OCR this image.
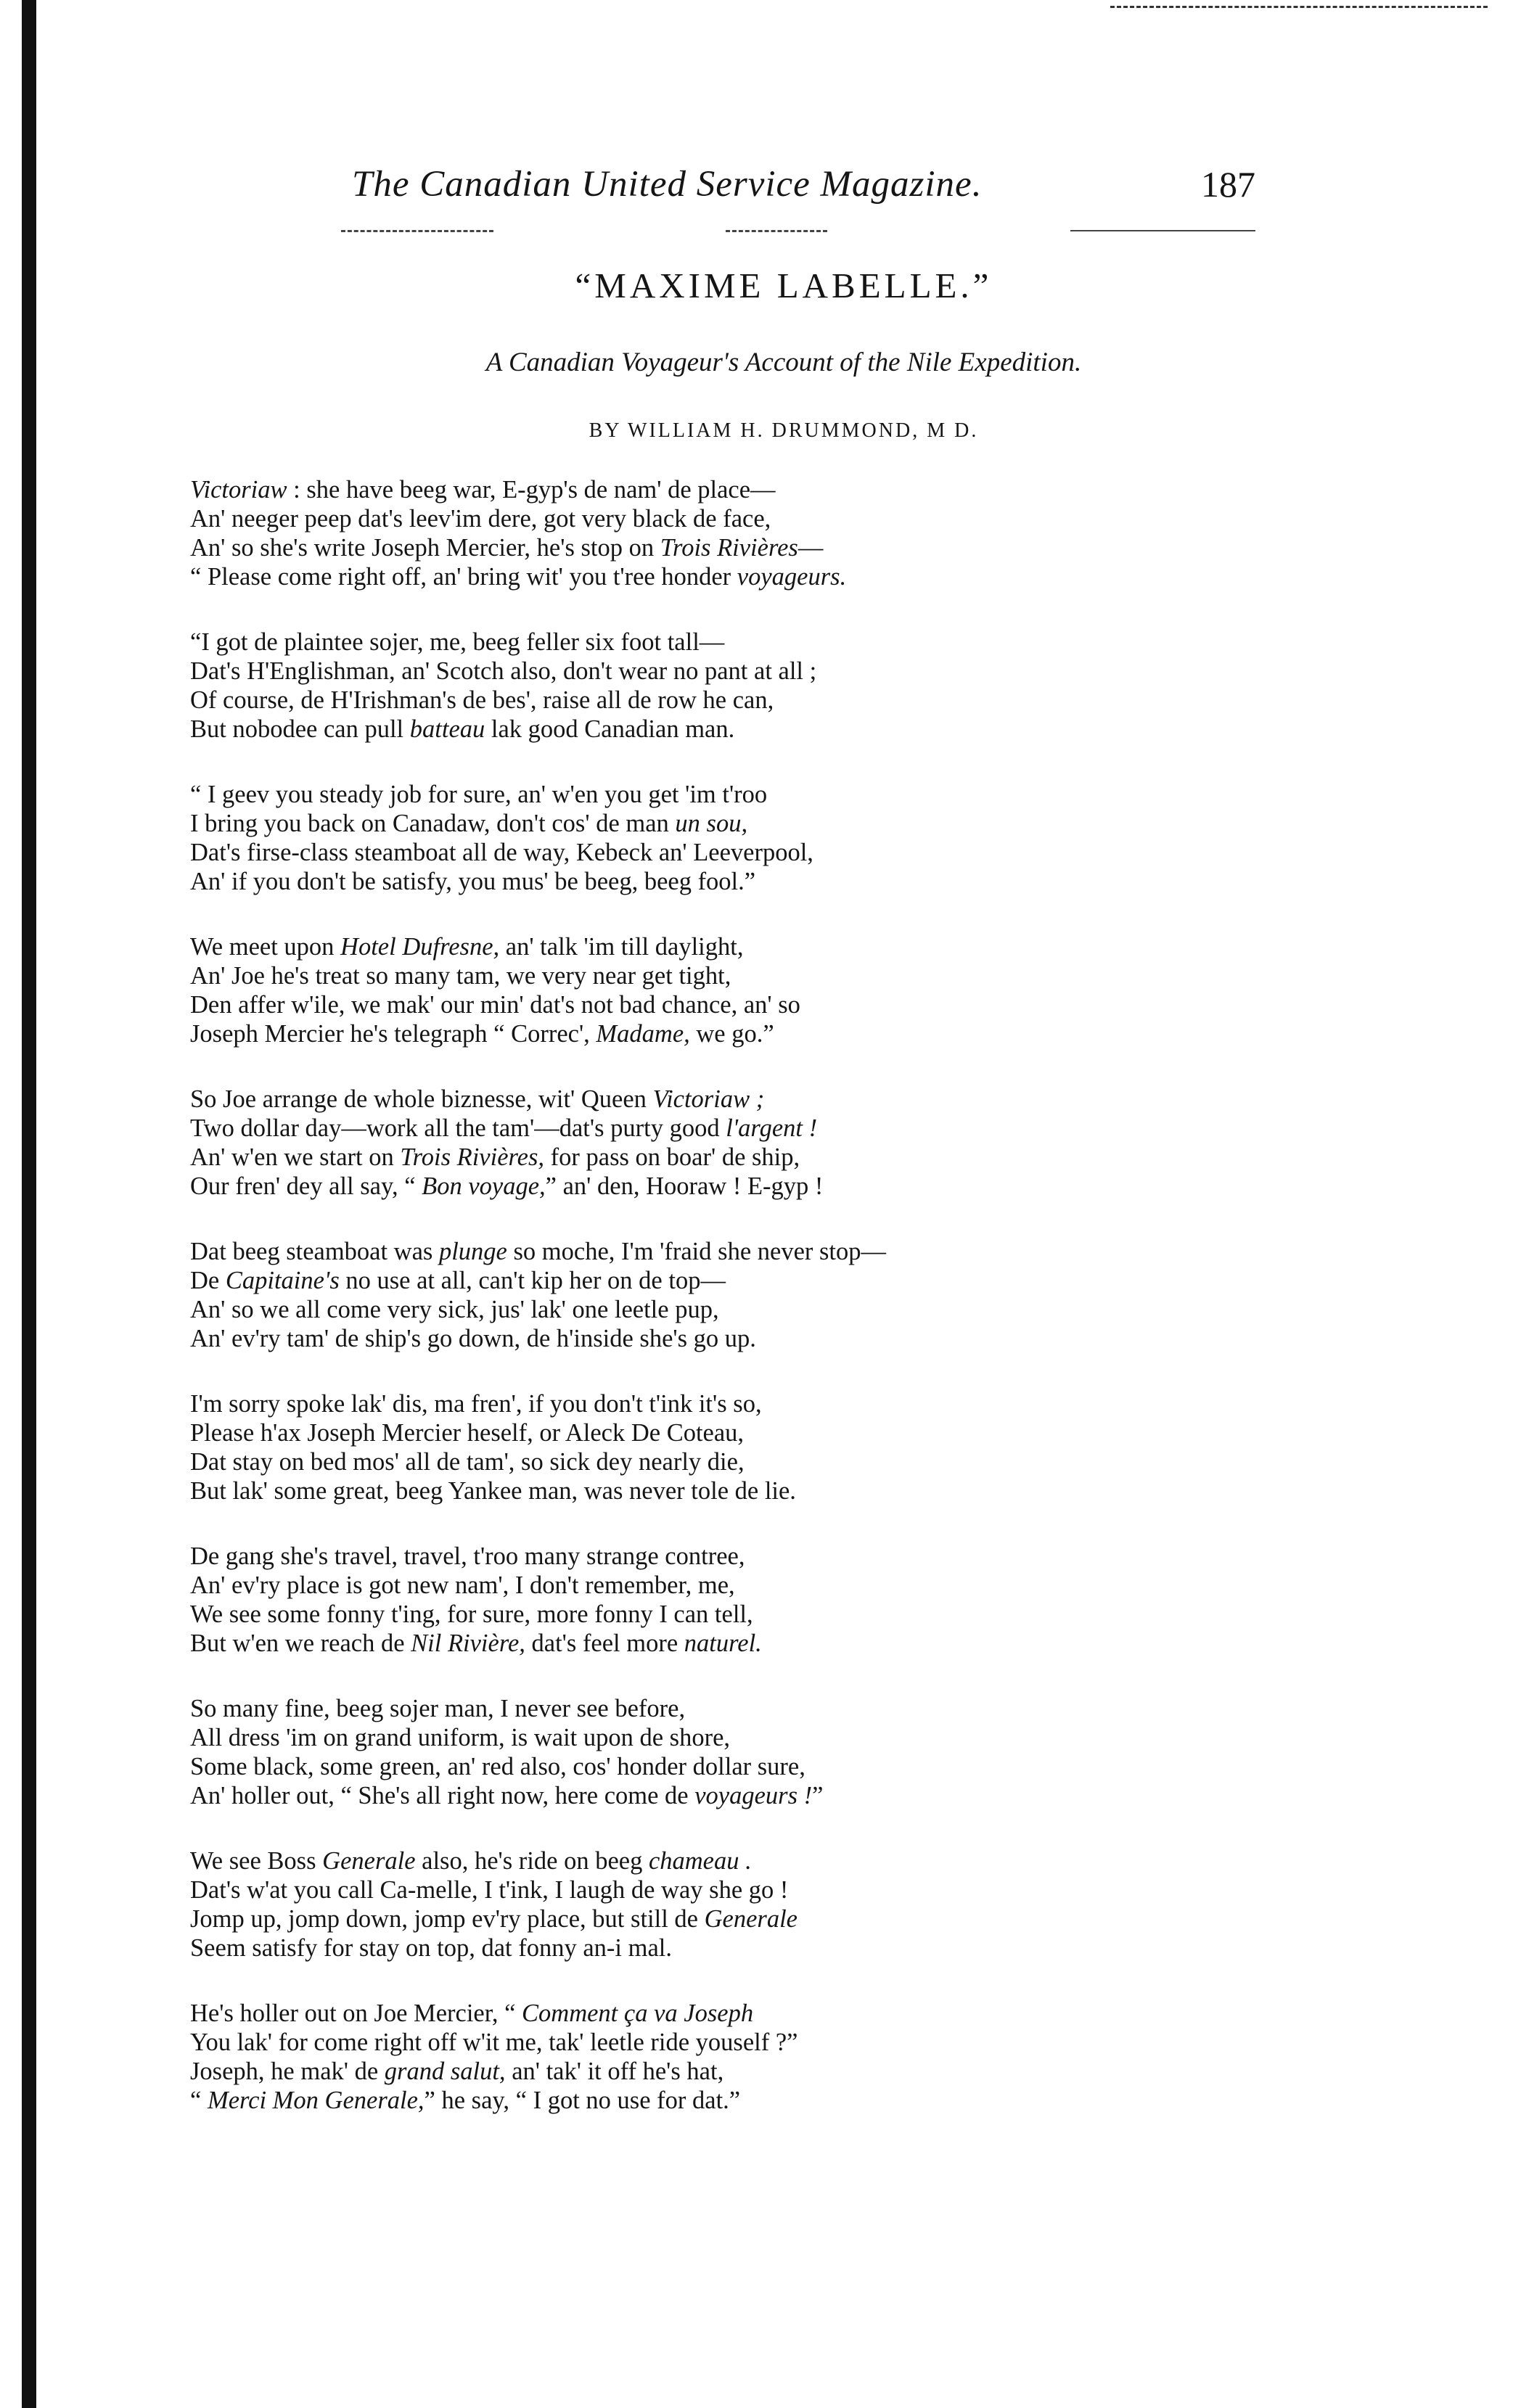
The Canadian United Service Magazine.	187
“MAXIME LABELLE.”
A Canadian Voyageur's Account of the Nile Expedition.
BY WILLIAM H. DRUMMOND, M D.
Victoriaw : she have beeg war, E-gyp's de nam' de place—
An' neeger peep dat's leev'im dere, got very black de face,
An' so she's write Joseph Mercier, he's stop on Trois Rivières—
“ Please come right off, an' bring wit' you t'ree honder voyageurs.
“I got de plaintee sojer, me, beeg feller six foot tall—
Dat's H'Englishman, an' Scotch also, don't wear no pant at all ;
Of course, de H'Irishman's de bes', raise all de row he can,
But nobodee can pull batteau lak good Canadian man.
“ I geev you steady job for sure, an' w'en you get 'im t'roo
I bring you back on Canadaw, don't cos' de man un sou,
Dat's firse-class steamboat all de way, Kebeck an' Leeverpool,
An' if you don't be satisfy, you mus' be beeg, beeg fool.”
We meet upon Hotel Dufresne, an' talk 'im till daylight,
An' Joe he's treat so many tam, we very near get tight,
Den affer w'ile, we mak' our min' dat's not bad chance, an' so
Joseph Mercier he's telegraph “ Correc', Madame, we go.”
So Joe arrange de whole biznesse, wit' Queen Victoriaw ;
Two dollar day—work all the tam'—dat's purty good l'argent !
An' w'en we start on Trois Rivières, for pass on boar' de ship,
Our fren' dey all say, “ Bon voyage,” an' den, Hooraw ! E-gyp !
Dat beeg steamboat was plunge so moche, I'm 'fraid she never stop—
De Capitaine's no use at all, can't kip her on de top—
An' so we all come very sick, jus' lak' one leetle pup,
An' ev'ry tam' de ship's go down, de h'inside she's go up.
I'm sorry spoke lak' dis, ma fren', if you don't t'ink it's so,
Please h'ax Joseph Mercier heself, or Aleck De Coteau,
Dat stay on bed mos' all de tam', so sick dey nearly die,
But lak' some great, beeg Yankee man, was never tole de lie.
De gang she's travel, travel, t'roo many strange contree,
An' ev'ry place is got new nam', I don't remember, me,
We see some fonny t'ing, for sure, more fonny I can tell,
But w'en we reach de Nil Rivière, dat's feel more naturel.
So many fine, beeg sojer man, I never see before,
All dress 'im on grand uniform, is wait upon de shore,
Some black, some green, an' red also, cos' honder dollar sure,
An' holler out, “ She's all right now, here come de voyageurs !”
We see Boss Generale also, he's ride on beeg chameau .
Dat's w'at you call Ca-melle, I t'ink, I laugh de way she go !
Jomp up, jomp down, jomp ev'ry place, but still de Generale
Seem satisfy for stay on top, dat fonny an-i mal.
He's holler out on Joe Mercier, “ Comment ça va Joseph
You lak' for come right off w'it me, tak' leetle ride youself ?”
Joseph, he mak' de grand salut, an' tak' it off he's hat,
“ Merci Mon Generale,” he say, “ I got no use for dat.”
